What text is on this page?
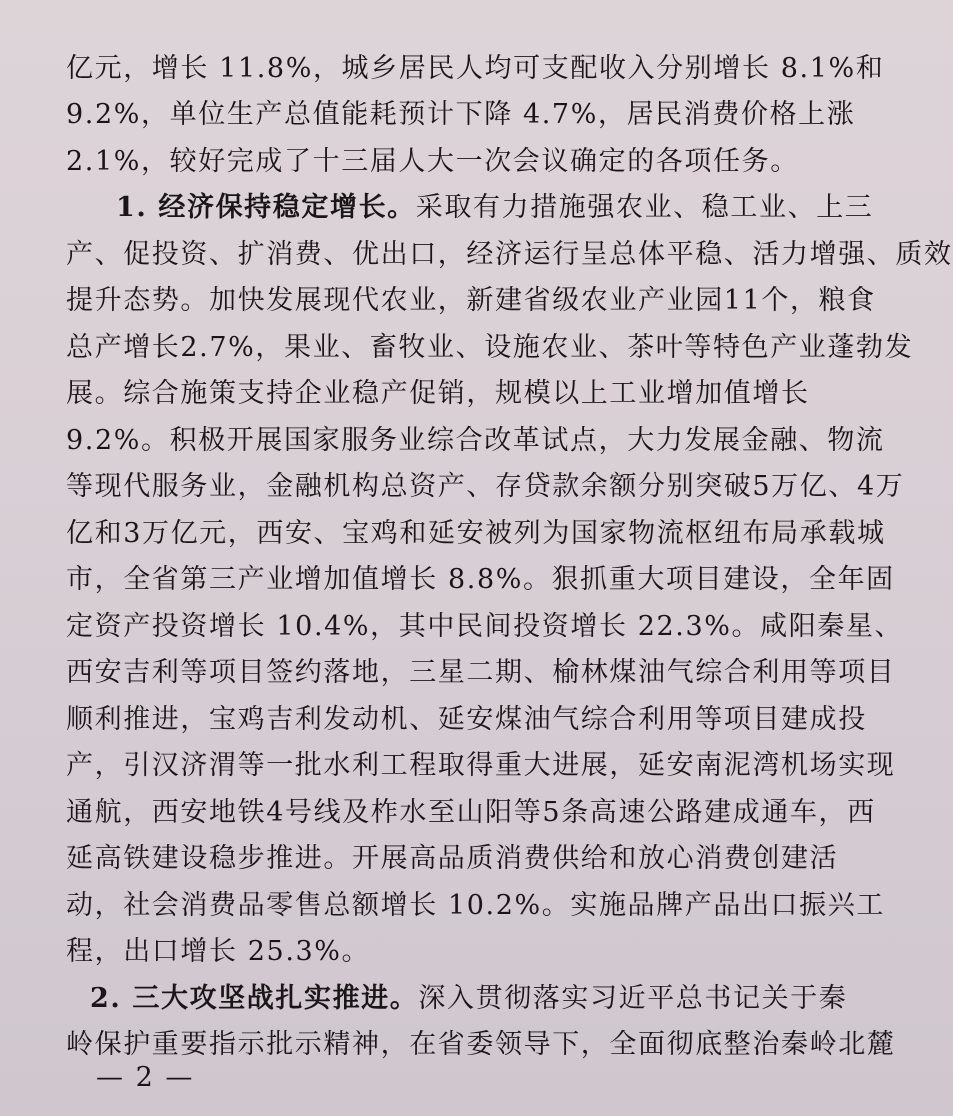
亿元，增长 11.8%，城乡居民人均可支配收入分别增长 8.1%和
9.2%，单位生产总值能耗预计下降 4.7%，居民消费价格上涨
2.1%，较好完成了十三届人大一次会议确定的各项任务。
1. 经济保持稳定增长。采取有力措施强农业、稳工业、上三
产、促投资、扩消费、优出口，经济运行呈总体平稳、活力增强、质效
提升态势。加快发展现代农业，新建省级农业产业园11个，粮食
总产增长2.7%，果业、畜牧业、设施农业、茶叶等特色产业蓬勃发
展。综合施策支持企业稳产促销，规模以上工业增加值增长
9.2%。积极开展国家服务业综合改革试点，大力发展金融、物流
等现代服务业，金融机构总资产、存贷款余额分别突破5万亿、4万
亿和3万亿元，西安、宝鸡和延安被列为国家物流枢纽布局承载城
市，全省第三产业增加值增长 8.8%。狠抓重大项目建设，全年固
定资产投资增长 10.4%，其中民间投资增长 22.3%。咸阳秦星、
西安吉利等项目签约落地，三星二期、榆林煤油气综合利用等项目
顺利推进，宝鸡吉利发动机、延安煤油气综合利用等项目建成投
产，引汉济渭等一批水利工程取得重大进展，延安南泥湾机场实现
通航，西安地铁4号线及柞水至山阳等5条高速公路建成通车，西
延高铁建设稳步推进。开展高品质消费供给和放心消费创建活
动，社会消费品零售总额增长 10.2%。实施品牌产品出口振兴工
程，出口增长 25.3%。
2. 三大攻坚战扎实推进。深入贯彻落实习近平总书记关于秦
岭保护重要指示批示精神，在省委领导下，全面彻底整治秦岭北麓
— 2 —
